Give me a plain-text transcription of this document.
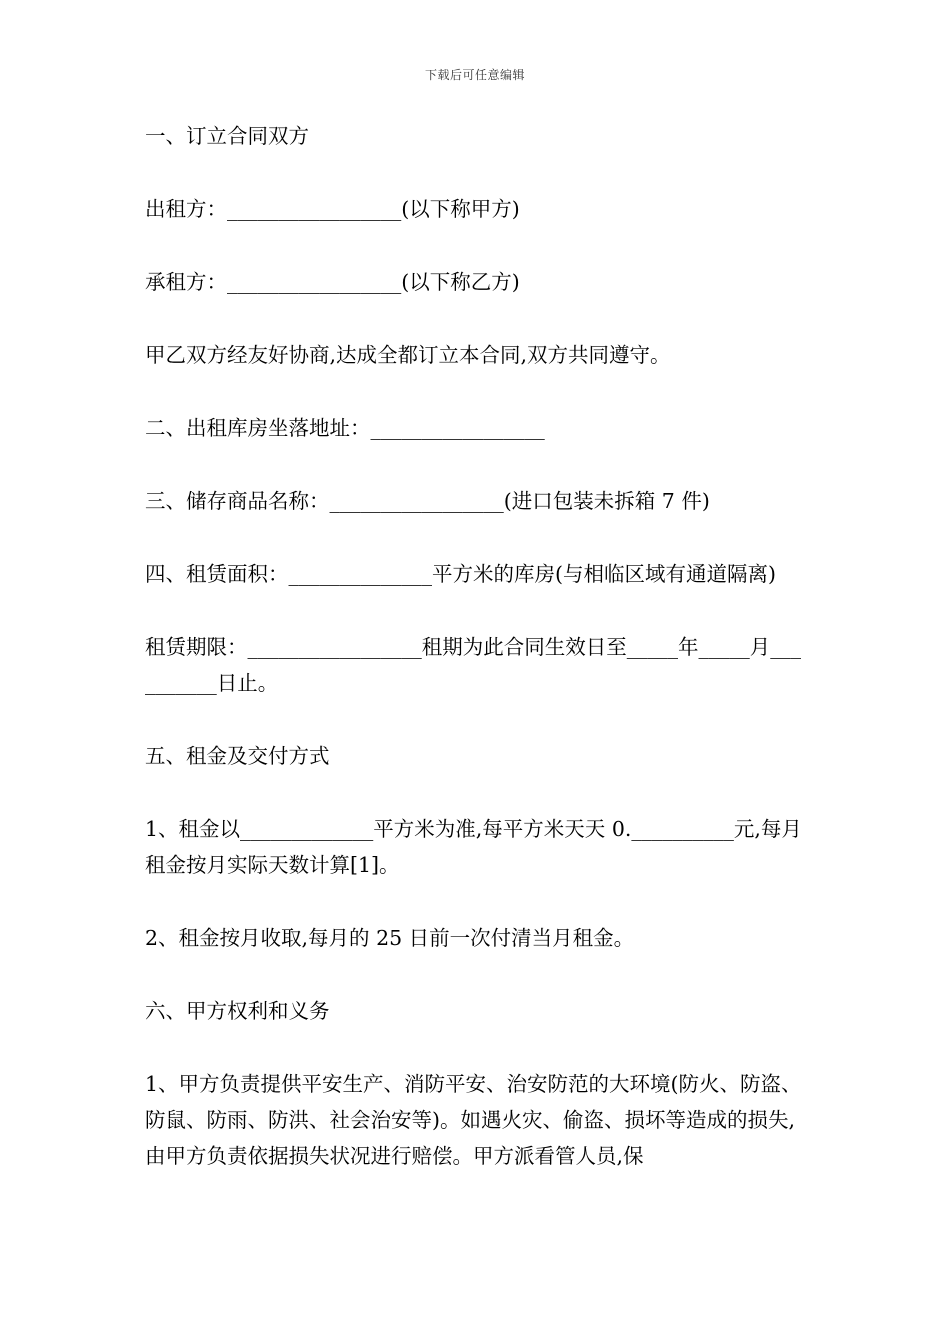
下载后可任意编辑

一、订立合同双方

出租方：_________________(以下称甲方)

承租方：_________________(以下称乙方)

甲乙双方经友好协商,达成全都订立本合同,双方共同遵守。

二、出租库房坐落地址：_________________

三、储存商品名称：_________________(进口包装未拆箱 7 件)

四、租赁面积：______________平方米的库房(与相临区域有通道隔离)

租赁期限：_________________租期为此合同生效日至_____年_____月__________日止。

五、租金及交付方式

1、租金以_____________平方米为准,每平方米天天 0.__________元,每月租金按月实际天数计算[1]。

2、租金按月收取,每月的 25 日前一次付清当月租金。

六、甲方权利和义务

1、甲方负责提供平安生产、消防平安、治安防范的大环境(防火、防盗、防鼠、防雨、防洪、社会治安等)。如遇火灾、偷盗、损坏等造成的损失,由甲方负责依据损失状况进行赔偿。甲方派看管人员,保
